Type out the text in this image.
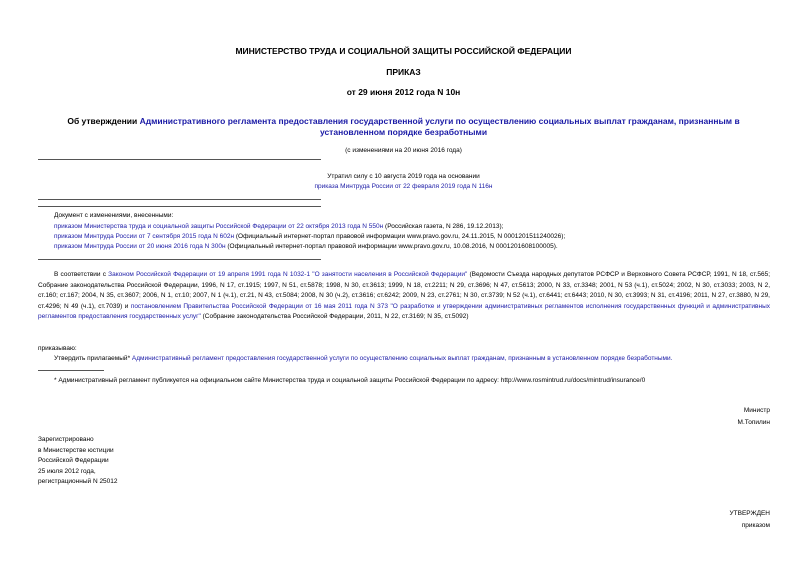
МИНИСТЕРСТВО ТРУДА И СОЦИАЛЬНОЙ ЗАЩИТЫ РОССИЙСКОЙ ФЕДЕРАЦИИ
ПРИКАЗ
от 29 июня 2012 года N 10н
Об утверждении Административного регламента предоставления государственной услуги по осуществлению социальных выплат гражданам, признанным в установленном порядке безработными
(с изменениями на 20 июня 2016 года)
Утратил силу с 10 августа 2019 года на основании
приказа Минтруда России от 22 февраля 2019 года N 116н
Документ с изменениями, внесенными:
приказом Министерства труда и социальной защиты Российской Федерации от 22 октября 2013 года N 550н (Российская газета, N 286, 19.12.2013);
приказом Минтруда России от 7 сентября 2015 года N 602н (Официальный интернет-портал правовой информации www.pravo.gov.ru, 24.11.2015, N 0001201511240026);
приказом Минтруда России от 20 июня 2016 года N 300н (Официальный интернет-портал правовой информации www.pravo.gov.ru, 10.08.2016, N 0001201608100005).
В соответствии с Законом Российской Федерации от 19 апреля 1991 года N 1032-1 "О занятости населения в Российской Федерации" (Ведомости Съезда народных депутатов РСФСР и Верховного Совета РСФСР, 1991, N 18, ст.565; Собрание законодательства Российской Федерации, 1996, N 17, ст.1915; 1997, N 51, ст.5878; 1998, N 30, ст.3613; 1999, N 18, ст.2211; N 29, ст.3696; N 47, ст.5613; 2000, N 33, ст.3348; 2001, N 53 (ч.1), ст.5024; 2002, N 30, ст.3033; 2003, N 2, ст.160; ст.167; 2004, N 35, ст.3607; 2006, N 1, ст.10; 2007, N 1 (ч.1), ст.21, N 43, ст.5084; 2008, N 30 (ч.2), ст.3616; ст.6242; 2009, N 23, ст.2761; N 30, ст.3739; N 52 (ч.1), ст.6441; ст.6443; 2010, N 30, ст.3993; N 31, ст.4196; 2011, N 27, ст.3880, N 29, ст.4296; N 49 (ч.1), ст.7039) и постановлением Правительства Российской Федерации от 16 мая 2011 года N 373 "О разработке и утверждении административных регламентов исполнения государственных функций и административных регламентов предоставления государственных услуг" (Собрание законодательства Российской Федерации, 2011, N 22, ст.3169; N 35, ст.5092)
приказываю:
Утвердить прилагаемый* Административный регламент предоставления государственной услуги по осуществлению социальных выплат гражданам, признанным в установленном порядке безработными.
* Административный регламент публикуется на официальном сайте Министерства труда и социальной защиты Российской Федерации по адресу: http://www.rosmintrud.ru/docs/mintrud/insurance/0
Министр
М.Топилин
Зарегистрировано
в Министерстве юстиции
Российской Федерации
25 июля 2012 года,
регистрационный N 25012
УТВЕРЖДЕН
приказом
